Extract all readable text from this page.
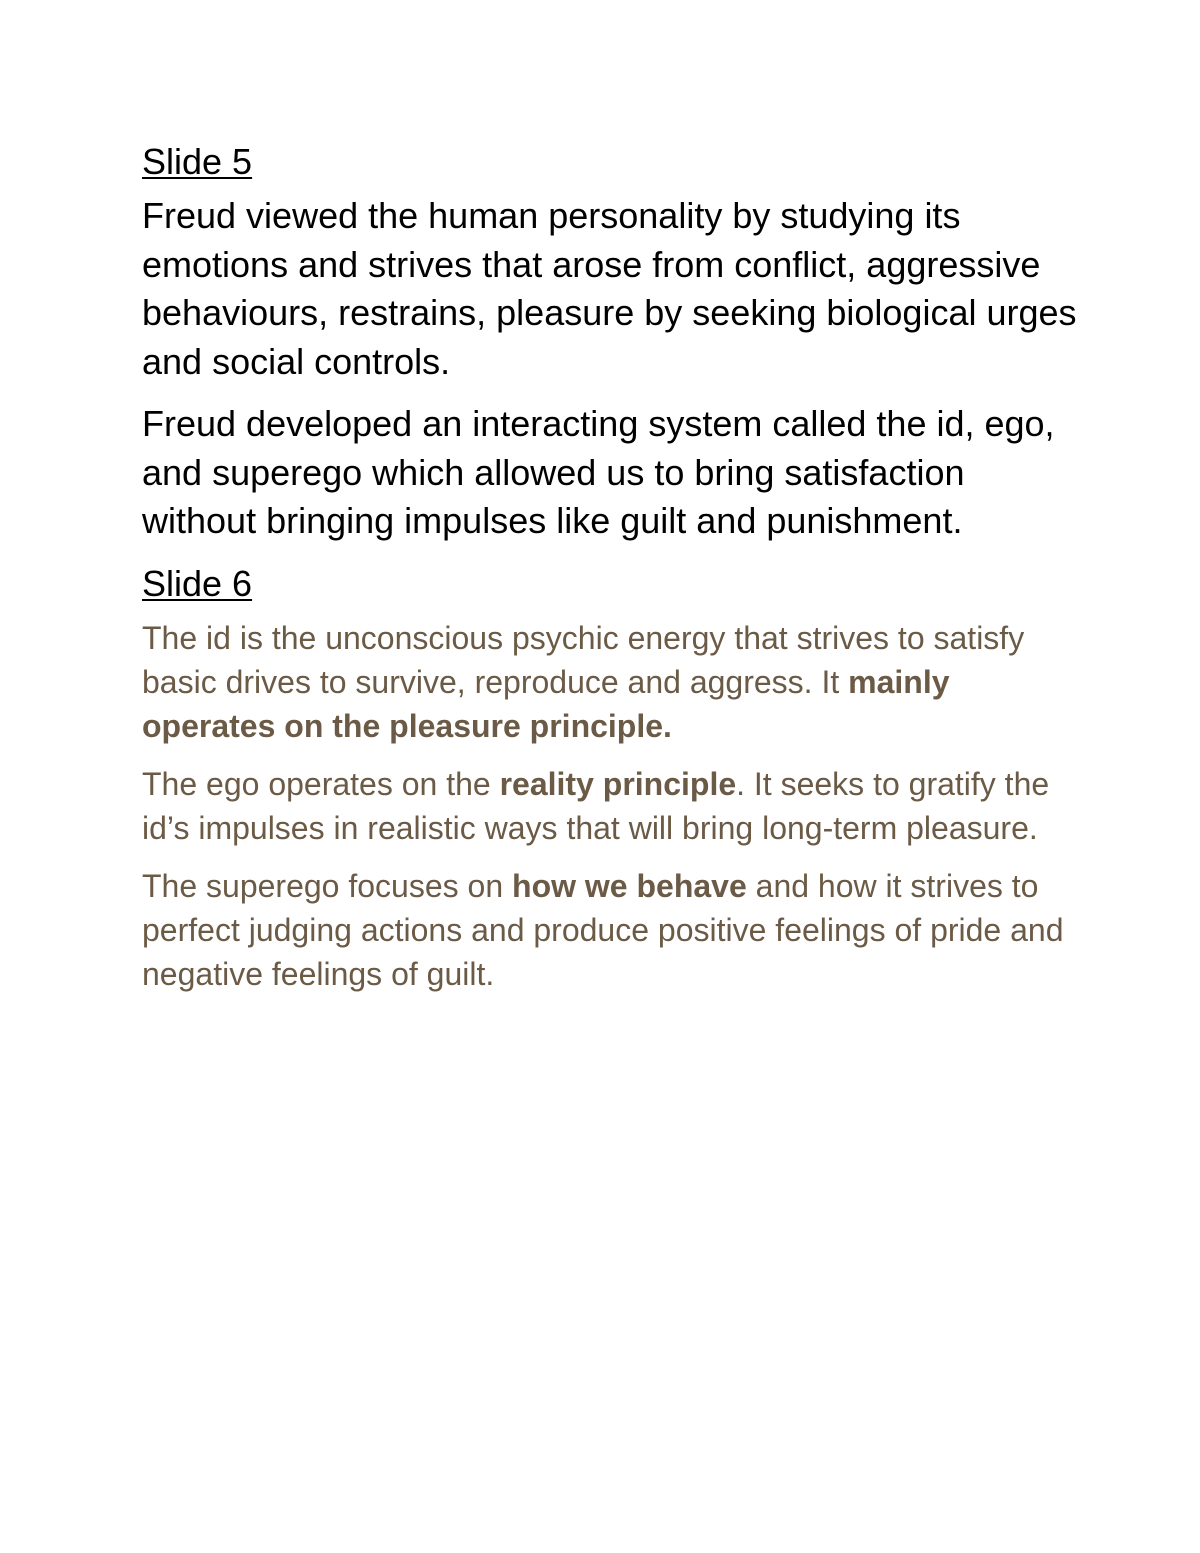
Slide 5

Freud viewed the human personality by studying its emotions and strives that arose from conflict, aggressive behaviours, restrains, pleasure by seeking biological urges and social controls.

Freud developed an interacting system called the id, ego, and superego which allowed us to bring satisfaction without bringing impulses like guilt and punishment.

Slide 6

The id is the unconscious psychic energy that strives to satisfy basic drives to survive, reproduce and aggress. It mainly operates on the pleasure principle.

The ego operates on the reality principle. It seeks to gratify the id’s impulses in realistic ways that will bring long-term pleasure.

The superego focuses on how we behave and how it strives to perfect judging actions and produce positive feelings of pride and negative feelings of guilt.
